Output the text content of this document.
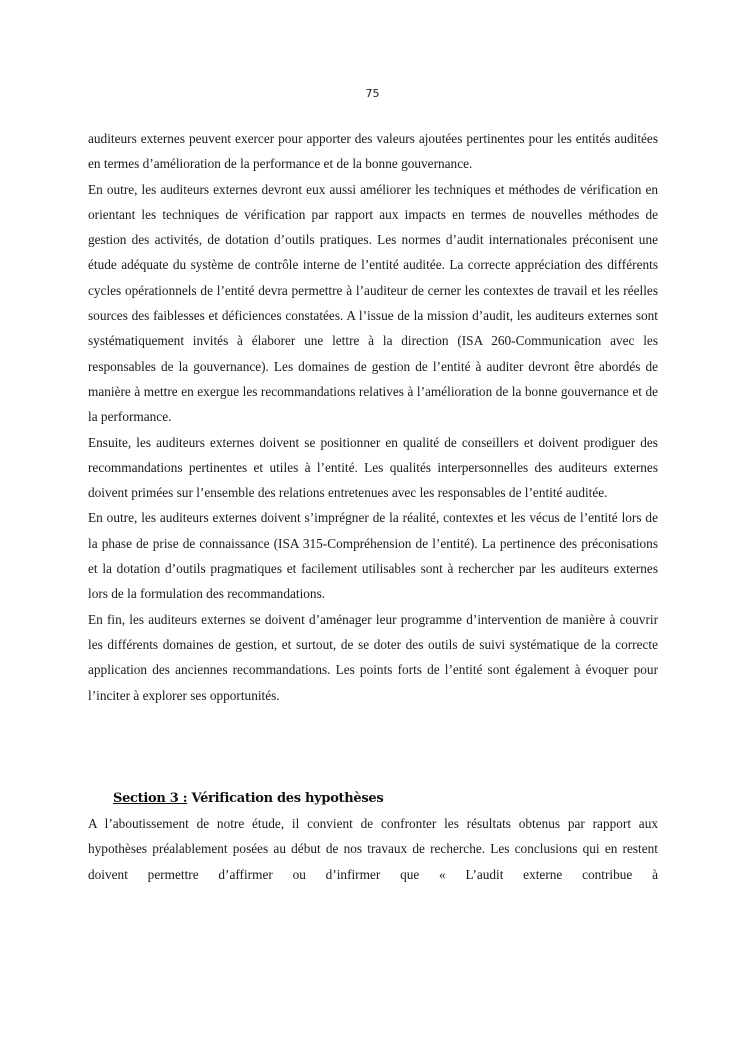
75

auditeurs externes peuvent exercer pour apporter des valeurs ajoutées pertinentes pour les entités auditées en termes d’amélioration de la performance et de la bonne gouvernance.

En outre, les auditeurs externes devront eux aussi améliorer les techniques et méthodes de vérification en orientant les techniques de vérification par rapport aux impacts en termes de nouvelles méthodes de gestion des activités, de dotation d’outils pratiques. Les normes d’audit internationales préconisent une étude adéquate du système de contrôle interne de l’entité auditée. La correcte appréciation des différents cycles opérationnels de l’entité devra permettre à l’auditeur de cerner les contextes de travail et les réelles sources des faiblesses et déficiences constatées. A l’issue de la mission d’audit, les auditeurs externes sont systématiquement invités à élaborer une lettre à la direction (ISA 260-Communication avec les responsables de la gouvernance). Les domaines de gestion de l’entité à auditer devront être abordés de manière à mettre en exergue les recommandations relatives à l’amélioration de la bonne gouvernance et de la performance.

Ensuite, les auditeurs externes doivent se positionner en qualité de conseillers et doivent prodiguer des recommandations pertinentes et utiles à l’entité. Les qualités interpersonnelles des auditeurs externes doivent primées sur l’ensemble des relations entretenues avec les responsables de l’entité auditée.

En outre, les auditeurs externes doivent s’imprégner de la réalité, contextes et les vécus de l’entité lors de la phase de prise de connaissance (ISA 315-Compréhension de l’entité). La pertinence des préconisations et la dotation d’outils pragmatiques et facilement utilisables sont à rechercher par les auditeurs externes lors de la formulation des recommandations.

En fin, les auditeurs externes se doivent d’aménager leur programme d’intervention de manière à couvrir les différents domaines de gestion, et surtout, de se doter des outils de suivi systématique de la correcte application des anciennes recommandations. Les points forts de l’entité sont également à évoquer pour l’inciter à explorer ses opportunités.

Section 3 : Vérification des hypothèses

A l’aboutissement de notre étude, il convient de confronter les résultats obtenus par rapport aux hypothèses préalablement posées au début de nos travaux de recherche. Les conclusions qui en restent doivent permettre d’affirmer ou d’infirmer que « L’audit externe contribue à
